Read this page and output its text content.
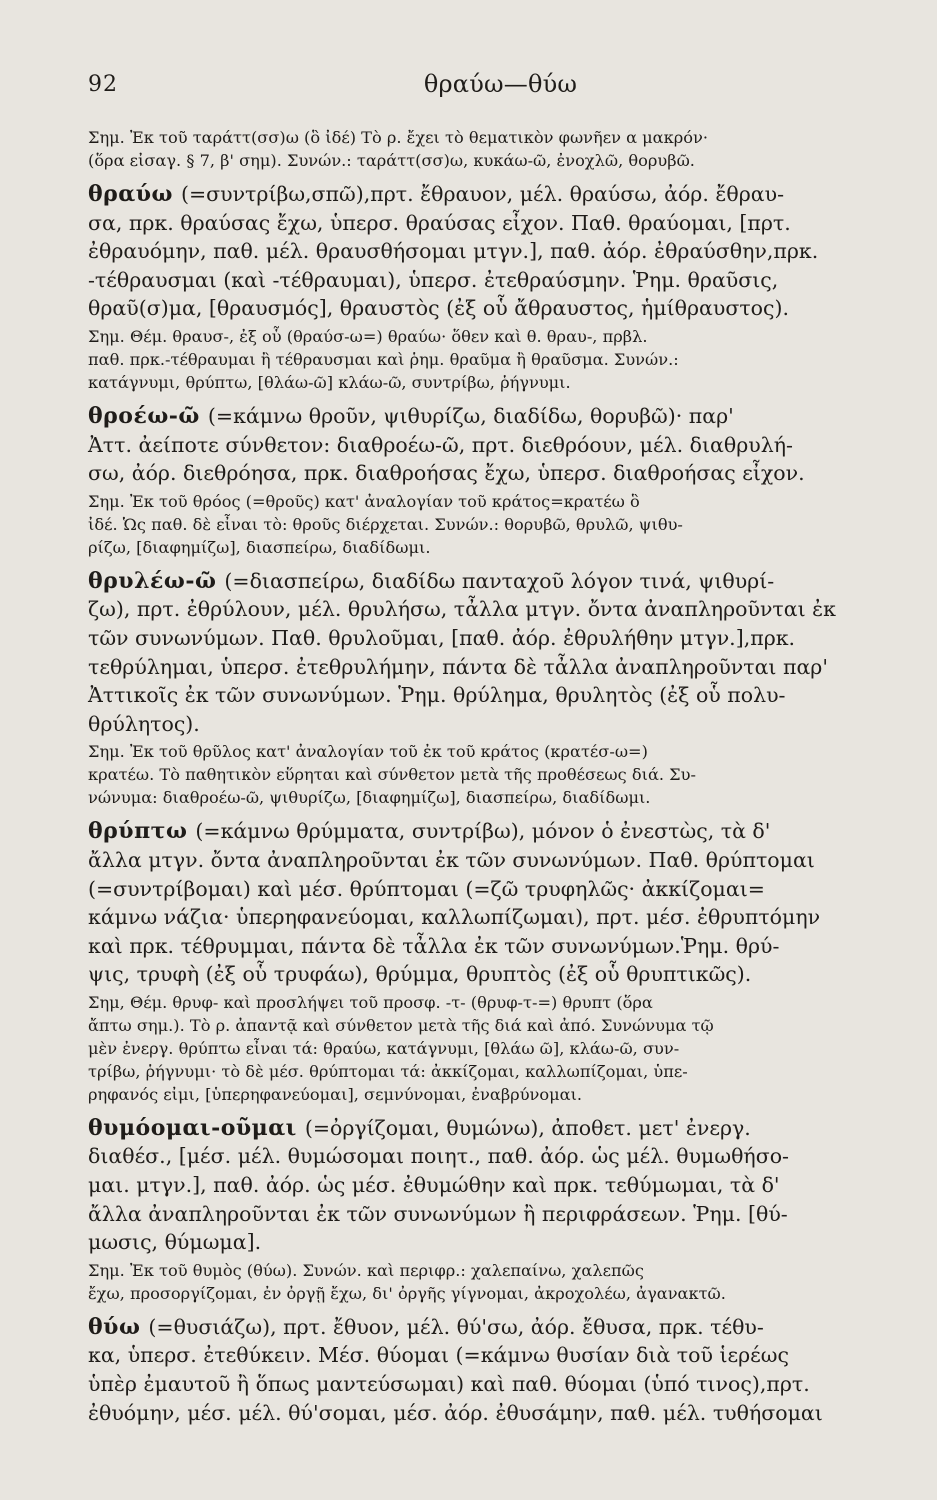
92	θραύω—θύω
Σημ. Ἐκ τοῦ ταράττ(σσ)ω (ὃ ἰδέ) Τὸ ρ. ἔχει τὸ θεματικὸν φωνῆεν α μακρόν·
(ὅρα εἰσαγ. § 7, β' σημ). Συνών.: ταράττ(σσ)ω, κυκάω-ῶ, ἐνοχλῶ, θορυβῶ.
θραύω (=συντρίβω,σπῶ),πρτ. ἔθραυον, μέλ. θραύσω, ἀόρ. ἔθραυ-
σα, πρκ. θραύσας ἔχω, ὑπερσ. θραύσας εἶχον. Παθ. θραύομαι, [πρτ.
ἐθραυόμην, παθ. μέλ. θραυσθήσομαι μτγν.], παθ. ἀόρ. ἐθραύσθην,πρκ.
-τέθραυσμαι (καὶ -τέθραυμαι), ὑπερσ. ἐτεθραύσμην. Ῥημ. θραῦσις,
θραῦ(σ)μα, [θραυσμός], θραυστὸς (ἐξ οὗ ἄθραυστος, ἡμίθραυστος).
Σημ. Θέμ. θραυσ-, ἐξ οὗ (θραύσ-ω=) θραύω· ὅθεν καὶ θ. θραυ-, πρβλ.
παθ. πρκ.-τέθραυμαι ἢ τέθραυσμαι καὶ ῥημ. θραῦμα ἢ θραῦσμα. Συνών.:
κατάγνυμι, θρύπτω, [θλάω-ῶ] κλάω-ῶ, συντρίβω, ῥήγνυμι.
θροέω-ῶ (=κάμνω θροῦν, ψιθυρίζω, διαδίδω, θορυβῶ)· παρ'
Ἀττ. ἀείποτε σύνθετον: διαθροέω-ῶ, πρτ. διεθρόουν, μέλ. διαθρυλή-
σω, ἀόρ. διεθρόησα, πρκ. διαθροήσας ἔχω, ὑπερσ. διαθροήσας εἶχον.
Σημ. Ἐκ τοῦ θρόος (=θροῦς) κατ' ἀναλογίαν τοῦ κράτος=κρατέω ὃ
ἰδέ. Ὡς παθ. δὲ εἶναι τὸ: θροῦς διέρχεται. Συνών.: θορυβῶ, θρυλῶ, ψιθυ-
ρίζω, [διαφημίζω], διασπείρω, διαδίδωμι.
θρυλέω-ῶ (=διασπείρω, διαδίδω πανταχοῦ λόγον τινά, ψιθυρί-
ζω), πρτ. ἐθρύλουν, μέλ. θρυλήσω, τἆλλα μτγν. ὄντα ἀναπληροῦνται ἐκ
τῶν συνωνύμων. Παθ. θρυλοῦμαι, [παθ. ἀόρ. ἐθρυλήθην μτγν.],πρκ.
τεθρύλημαι, ὑπερσ. ἐτεθρυλήμην, πάντα δὲ τἆλλα ἀναπληροῦνται παρ'
Ἀττικοῖς ἐκ τῶν συνωνύμων. Ῥημ. θρύλημα, θρυλητὸς (ἐξ οὗ πολυ-
θρύλητος).
Σημ. Ἐκ τοῦ θρῦλος κατ' ἀναλογίαν τοῦ ἐκ τοῦ κράτος (κρατέσ-ω=)
κρατέω. Τὸ παθητικὸν εὕρηται καὶ σύνθετον μετὰ τῆς προθέσεως διά. Συ-
νώνυμα: διαθροέω-ῶ, ψιθυρίζω, [διαφημίζω], διασπείρω, διαδίδωμι.
θρύπτω (=κάμνω θρύμματα, συντρίβω), μόνον ὁ ἐνεστὼς, τὰ δ'
ἄλλα μτγν. ὄντα ἀναπληροῦνται ἐκ τῶν συνωνύμων. Παθ. θρύπτομαι
(=συντρίβομαι) καὶ μέσ. θρύπτομαι (=ζῶ τρυφηλῶς· ἀκκίζομαι=
κάμνω νάζια· ὑπερηφανεύομαι, καλλωπίζωμαι), πρτ. μέσ. ἐθρυπτόμην
καὶ πρκ. τέθρυμμαι, πάντα δὲ τἆλλα ἐκ τῶν συνωνύμων.Ῥημ. θρύ-
ψις, τρυφὴ (ἐξ οὗ τρυφάω), θρύμμα, θρυπτὸς (ἐξ οὗ θρυπτικῶς).
Σημ, Θέμ. θρυφ- καὶ προσλήψει τοῦ προσφ. -τ- (θρυφ-τ-=) θρυπτ (ὅρα
ἄπτω σημ.). Τὸ ρ. ἀπαντᾷ καὶ σύνθετον μετὰ τῆς διά καὶ ἀπό. Συνώνυμα τῷ
μὲν ἐνεργ. θρύπτω εἶναι τά: θραύω, κατάγνυμι, [θλάω ῶ], κλάω-ῶ, συν-
τρίβω, ῥήγνυμι· τὸ δὲ μέσ. θρύπτομαι τά: ἀκκίζομαι, καλλωπίζομαι, ὑπε-
ρηφανός εἰμι, [ὑπερηφανεύομαι], σεμνύνομαι, ἐναβρύνομαι.
θυμόομαι-οῦμαι (=ὀργίζομαι, θυμώνω), ἀποθετ. μετ' ἐνεργ.
διαθέσ., [μέσ. μέλ. θυμώσομαι ποιητ., παθ. ἀόρ. ὡς μέλ. θυμωθήσο-
μαι. μτγν.], παθ. ἀόρ. ὡς μέσ. ἐθυμώθην καὶ πρκ. τεθύμωμαι, τὰ δ'
ἄλλα ἀναπληροῦνται ἐκ τῶν συνωνύμων ἢ περιφράσεων. Ῥημ. [θύ-
μωσις, θύμωμα].
Σημ. Ἐκ τοῦ θυμὸς (θύω). Συνών. καὶ περιφρ.: χαλεπαίνω, χαλεπῶς
ἔχω, προσοργίζομαι, ἐν ὀργῇ ἔχω, δι' ὀργῆς γίγνομαι, ἀκροχολέω, ἀγανακτῶ.
θύω (=θυσιάζω), πρτ. ἔθυον, μέλ. θύ'σω, ἀόρ. ἔθυσα, πρκ. τέθυ-
κα, ὑπερσ. ἐτεθύκειν. Μέσ. θύομαι (=κάμνω θυσίαν διὰ τοῦ ἱερέως
ὑπὲρ ἐμαυτοῦ ἢ ὅπως μαντεύσωμαι) καὶ παθ. θύομαι (ὑπό τινος),πρτ.
ἐθυόμην, μέσ. μέλ. θύ'σομαι, μέσ. ἀόρ. ἐθυσάμην, παθ. μέλ. τυθήσομαι
